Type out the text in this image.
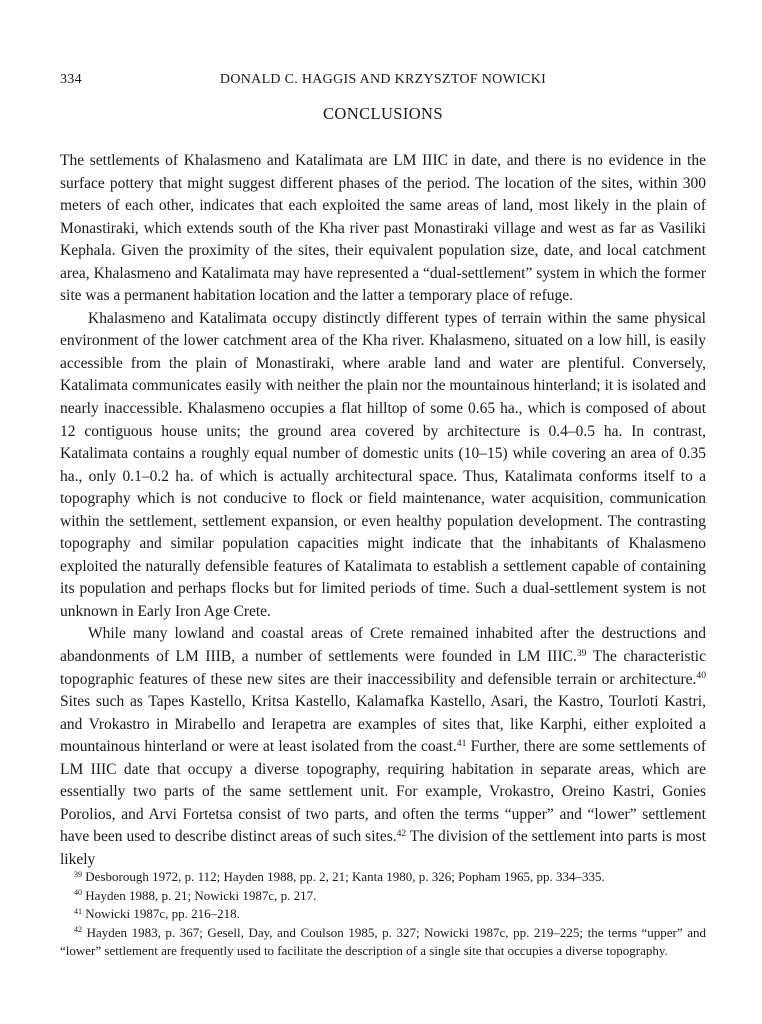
334	DONALD C. HAGGIS AND KRZYSZTOF NOWICKI
CONCLUSIONS

The settlements of Khalasmeno and Katalimata are LM IIIC in date, and there is no evidence in the surface pottery that might suggest different phases of the period. The location of the sites, within 300 meters of each other, indicates that each exploited the same areas of land, most likely in the plain of Monastiraki, which extends south of the Kha river past Monastiraki village and west as far as Vasiliki Kephala. Given the proximity of the sites, their equivalent population size, date, and local catchment area, Khalasmeno and Katalimata may have represented a “dual-settlement” system in which the former site was a permanent habitation location and the latter a temporary place of refuge.

Khalasmeno and Katalimata occupy distinctly different types of terrain within the same physical environment of the lower catchment area of the Kha river. Khalasmeno, situated on a low hill, is easily accessible from the plain of Monastiraki, where arable land and water are plentiful. Conversely, Katalimata communicates easily with neither the plain nor the mountainous hinterland; it is isolated and nearly inaccessible. Khalasmeno occupies a flat hilltop of some 0.65 ha., which is composed of about 12 contiguous house units; the ground area covered by architecture is 0.4–0.5 ha. In contrast, Katalimata contains a roughly equal number of domestic units (10–15) while covering an area of 0.35 ha., only 0.1–0.2 ha. of which is actually architectural space. Thus, Katalimata conforms itself to a topography which is not conducive to flock or field maintenance, water acquisition, communication within the settlement, settlement expansion, or even healthy population development. The contrasting topography and similar population capacities might indicate that the inhabitants of Khalasmeno exploited the naturally defensible features of Katalimata to establish a settlement capable of containing its population and perhaps flocks but for limited periods of time. Such a dual-settlement system is not unknown in Early Iron Age Crete.

While many lowland and coastal areas of Crete remained inhabited after the destructions and abandonments of LM IIIB, a number of settlements were founded in LM IIIC.$^{39}$ The characteristic topographic features of these new sites are their inaccessibility and defensible terrain or architecture.$^{40}$ Sites such as Tapes Kastello, Kritsa Kastello, Kalamafka Kastello, Asari, the Kastro, Tourloti Kastri, and Vrokastro in Mirabello and Ierapetra are examples of sites that, like Karphi, either exploited a mountainous hinterland or were at least isolated from the coast.$^{41}$ Further, there are some settlements of LM IIIC date that occupy a diverse topography, requiring habitation in separate areas, which are essentially two parts of the same settlement unit. For example, Vrokastro, Oreino Kastri, Gonies Porolios, and Arvi Fortetsa consist of two parts, and often the terms “upper” and “lower” settlement have been used to describe distinct areas of such sites.$^{42}$ The division of the settlement into parts is most likely

$^{39}$ Desborough 1972, p. 112; Hayden 1988, pp. 2, 21; Kanta 1980, p. 326; Popham 1965, pp. 334–335.

$^{40}$ Hayden 1988, p. 21; Nowicki 1987c, p. 217.

$^{41}$ Nowicki 1987c, pp. 216–218.

$^{42}$ Hayden 1983, p. 367; Gesell, Day, and Coulson 1985, p. 327; Nowicki 1987c, pp. 219–225; the terms “upper” and “lower” settlement are frequently used to facilitate the description of a single site that occupies a diverse topography.
